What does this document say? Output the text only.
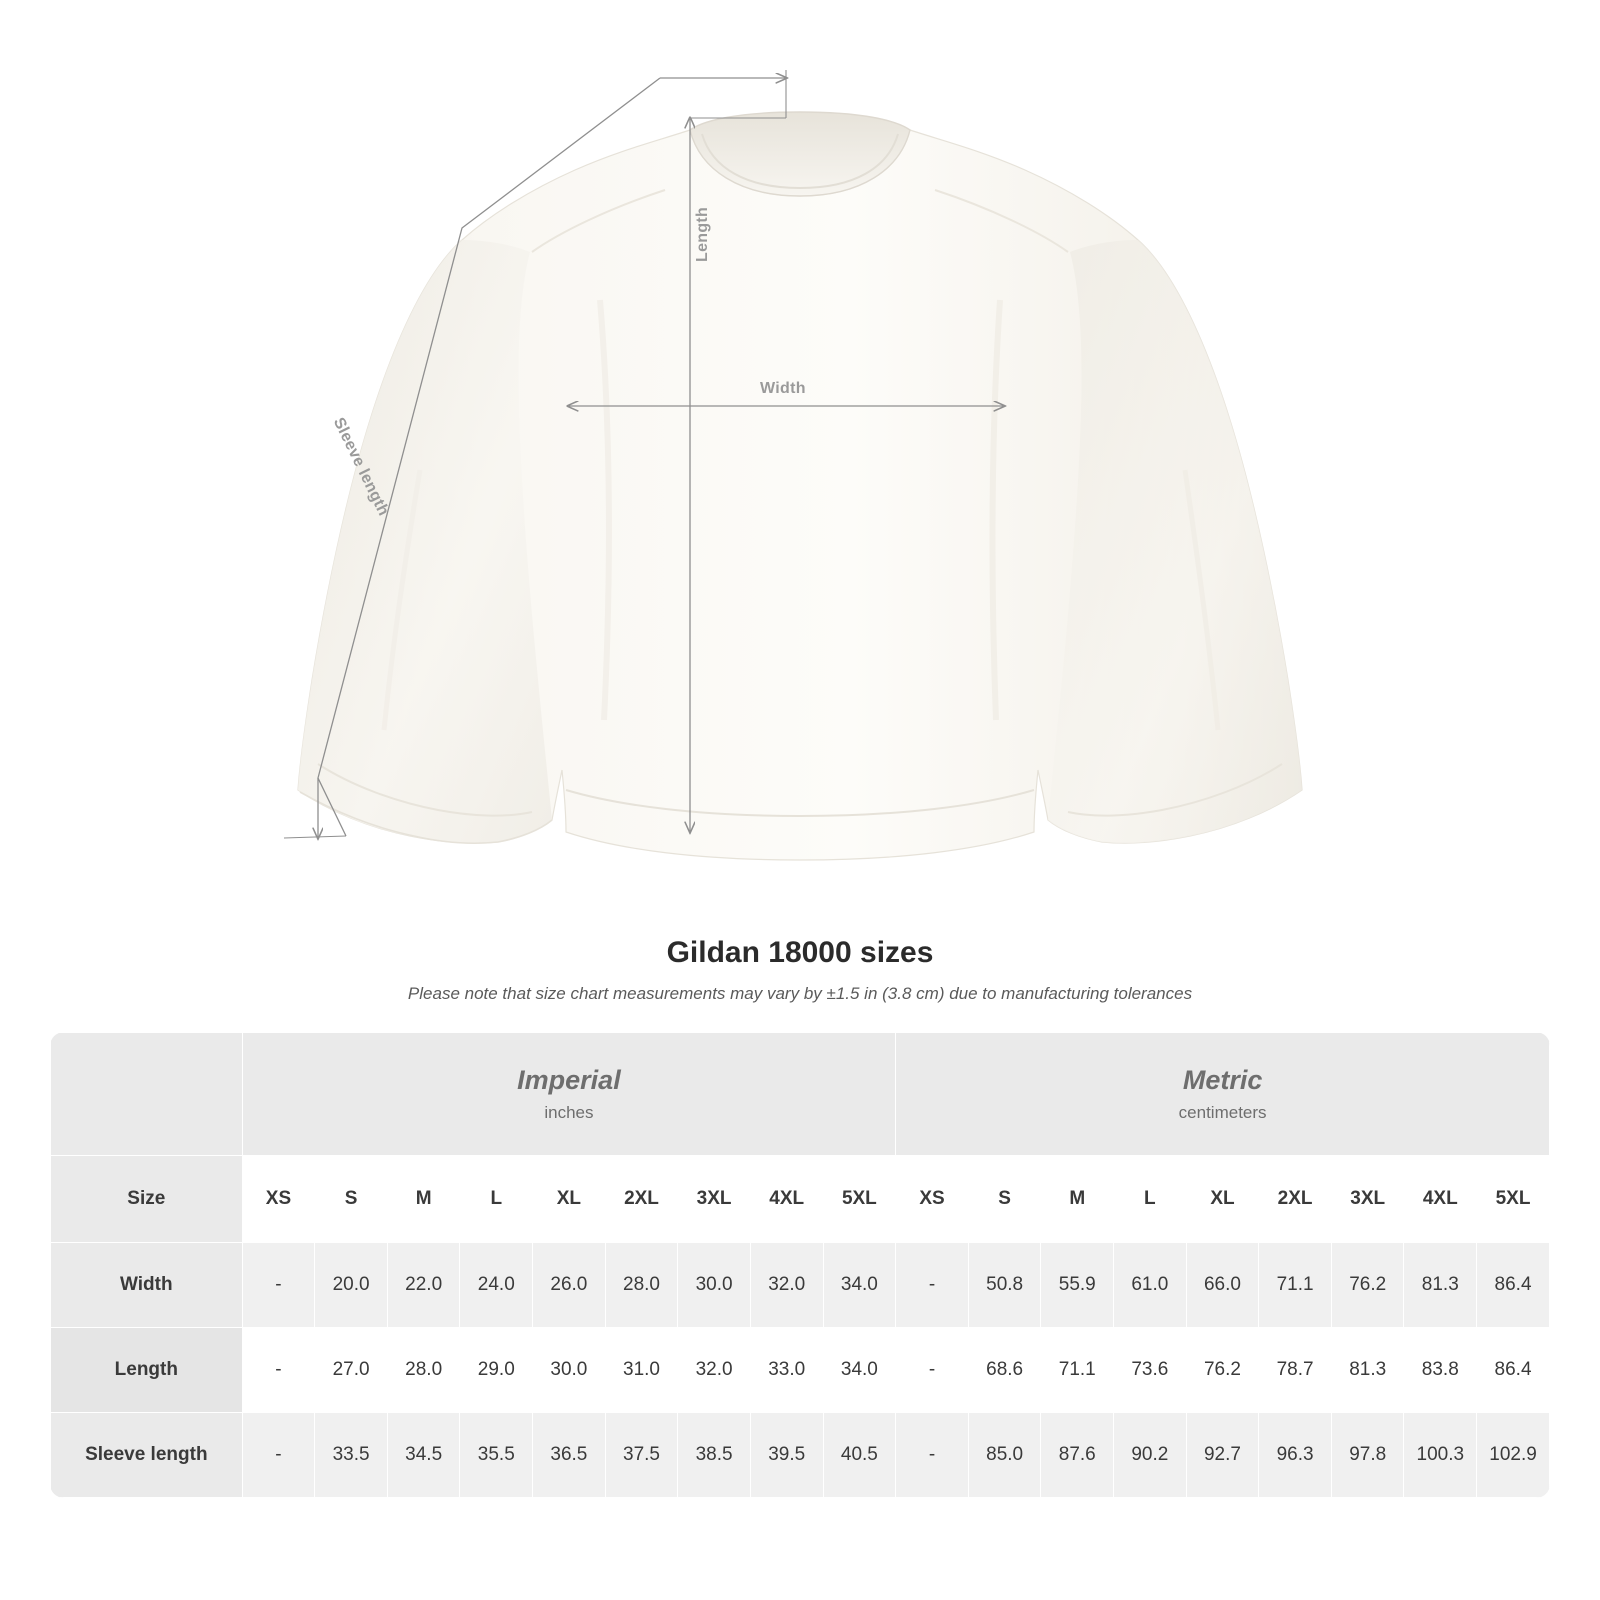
Width
Length
Sleeve length
Gildan 18000 sizes

Please note that size chart measurements may vary by ±1.5 in (3.8 cm) due to manufacturing tolerances

Imperial
inches

Metric
centimeters

Size	XS	S	M	L	XL	2XL	3XL	4XL	5XL	XS	S	M	L	XL	2XL	3XL	4XL	5XL
Width	-	20.0	22.0	24.0	26.0	28.0	30.0	32.0	34.0	-	50.8	55.9	61.0	66.0	71.1	76.2	81.3	86.4
Length	-	27.0	28.0	29.0	30.0	31.0	32.0	33.0	34.0	-	68.6	71.1	73.6	76.2	78.7	81.3	83.8	86.4
Sleeve length	-	33.5	34.5	35.5	36.5	37.5	38.5	39.5	40.5	-	85.0	87.6	90.2	92.7	96.3	97.8	100.3	102.9
